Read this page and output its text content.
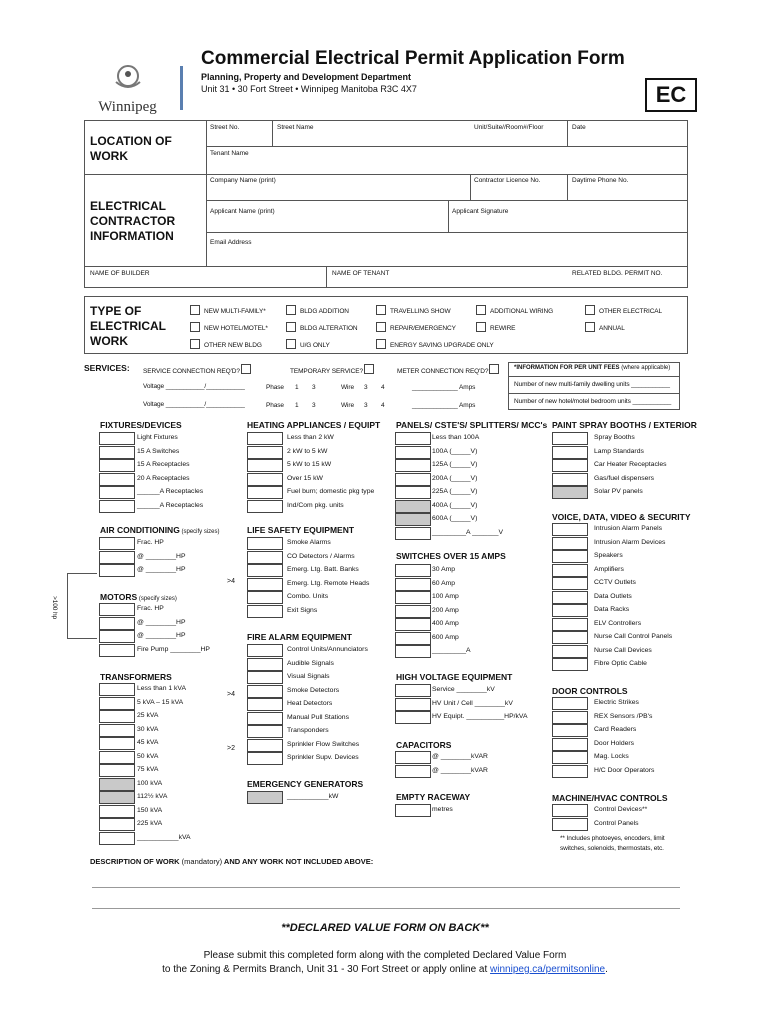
Winnipeg
Commercial Electrical Permit Application Form
Planning, Property and Development Department
Unit 31 • 30 Fort Street • Winnipeg Manitoba R3C 4X7	EC
LOCATION OF WORK
Street No.	Street Name	Unit/Suite//Room#/Floor	Date
Tenant Name
ELECTRICAL CONTRACTOR INFORMATION
Company Name (print)	Contractor Licence No.	Daytime Phone No.
Applicant Name (print)	Applicant Signature
Email Address
NAME OF BUILDER	NAME OF TENANT	RELATED BLDG. PERMIT NO.
TYPE OF ELECTRICAL WORK
NEW MULTI-FAMILY*	BLDG ADDITION	TRAVELLING SHOW	ADDITIONAL WIRING	OTHER ELECTRICAL
NEW HOTEL/MOTEL*	BLDG ALTERATION	REPAIR/EMERGENCY	REWIRE	ANNUAL
OTHER NEW BLDG	U/G ONLY	ENERGY SAVING UPGRADE ONLY
SERVICES: SERVICE CONNECTION REQ'D?	TEMPORARY SERVICE?	METER CONNECTION REQ'D?	*INFORMATION FOR PER UNIT FEES (where applicable)
Number of new multi-family dwelling units ___________
Number of new hotel/motel bedroom units ___________
Voltage ___________/___________	Phase 1 3	Wire 3 4	_____________ Amps
Voltage ___________/___________	Phase 1 3	Wire 3 4	_____________ Amps
FIXTURES/DEVICES
Light Fixtures
15 A Switches
15 A Receptacles
20 A Receptacles
______A Receptacles
______A Receptacles
AIR CONDITIONING (specify sizes)
Frac. HP
@ ________HP
@ ________HP
MOTORS (specify sizes)
Frac. HP
@ ________HP
@ ________HP
Fire Pump ________HP
>100 hp
TRANSFORMERS
Less than 1 kVA
5 kVA – 15 kVA
25 kVA
30 kVA
45 kVA
50 kVA
75 kVA
100 kVA
112½ kVA
150 kVA
225 kVA
___________kVA
HEATING APPLIANCES / EQUIPT
Less than 2 kW
2 kW to 5 kW
5 kW to 15 kW
Over 15 kW
Fuel burn; domestic pkg type
Ind/Com pkg. units
LIFE SAFETY EQUIPMENT
Smoke Alarms
CO Detectors / Alarms
Emerg. Ltg. Batt. Banks
Emerg. Ltg. Remote Heads
Combo. Units
Exit Signs
>4
FIRE ALARM EQUIPMENT
Control Units/Annunciators
Audible Signals
Visual Signals
Smoke Detectors
Heat Detectors
Manual Pull Stations
Transponders
Sprinkler Flow Switches
Sprinkler Supv. Devices
>4
>2
EMERGENCY GENERATORS
___________kW
PANELS/ CSTE'S/ SPLITTERS/ MCC's
Less than 100A
100A (_____V)
125A (_____V)
200A (_____V)
225A (_____V)
400A (_____V)
600A (_____V)
_________A _______V
SWITCHES OVER 15 AMPS
30 Amp
60 Amp
100 Amp
200 Amp
400 Amp
600 Amp
_________A
HIGH VOLTAGE EQUIPMENT
Service ________kV
HV Unit / Cell ________kV
HV Equipt. __________HP/kVA
CAPACITORS
@ ________kVAR
@ ________kVAR
EMPTY RACEWAY
metres
PAINT SPRAY BOOTHS / EXTERIOR
Spray Booths
Lamp Standards
Car Heater Receptacles
Gas/fuel dispensers
Solar PV panels
VOICE, DATA, VIDEO & SECURITY
Intrusion Alarm Panels
Intrusion Alarm Devices
Speakers
Amplifiers
CCTV Outlets
Data Outlets
Data Racks
ELV Controllers
Nurse Call Control Panels
Nurse Call Devices
Fibre Optic Cable
DOOR CONTROLS
Electric Strikes
REX Sensors /PB's
Card Readers
Door Holders
Mag. Locks
H/C Door Operators
MACHINE/HVAC CONTROLS
Control Devices**
Control Panels
** Includes photoeyes, encoders, limit
switches, solenoids, thermostats, etc.
DESCRIPTION OF WORK (mandatory) AND ANY WORK NOT INCLUDED ABOVE:
**DECLARED VALUE FORM ON BACK**
Please submit this completed form along with the completed Declared Value Form
to the Zoning & Permits Branch, Unit 31 - 30 Fort Street or apply online at winnipeg.ca/permitsonline.
